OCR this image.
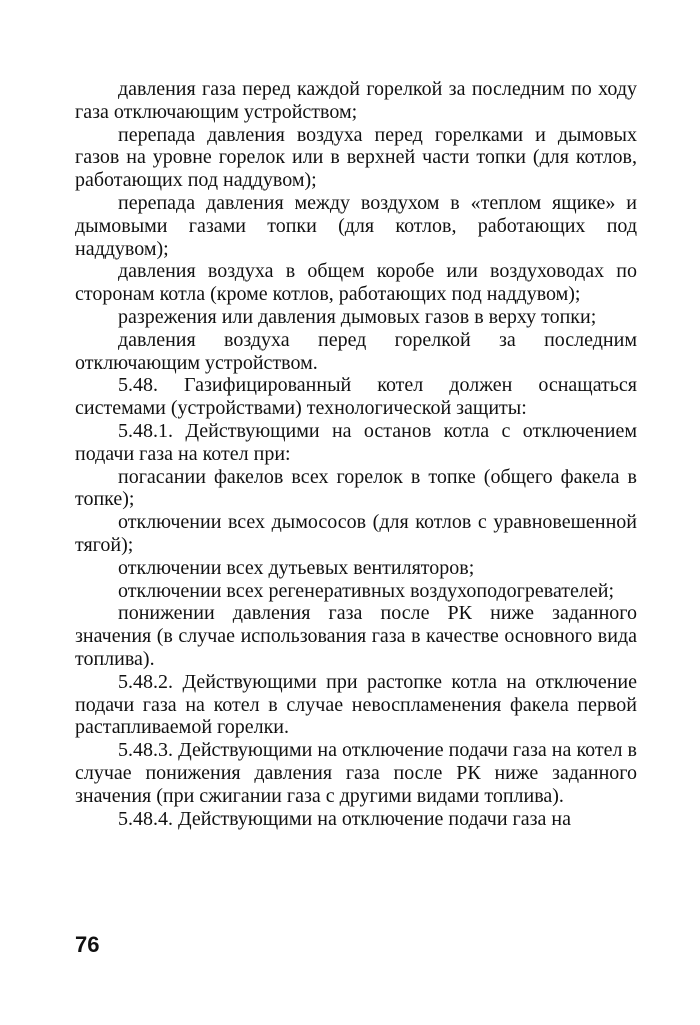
давления газа перед каждой горелкой за последним по ходу газа отключающим устройством;

перепада давления воздуха перед горелками и дымовых газов на уровне горелок или в верхней части топки (для котлов, работающих под наддувом);

перепада давления между воздухом в «теплом ящике» и дымовыми газами топки (для котлов, работающих под наддувом);

давления воздуха в общем коробе или воздуховодах по сторонам котла (кроме котлов, работающих под наддувом);

разрежения или давления дымовых газов в верху топки;

давления воздуха перед горелкой за последним отключающим устройством.

5.48. Газифицированный котел должен оснащаться системами (устройствами) технологической защиты:

5.48.1. Действующими на останов котла с отключением подачи газа на котел при:

погасании факелов всех горелок в топке (общего факела в топке);

отключении всех дымососов (для котлов с уравновешенной тягой);

отключении всех дутьевых вентиляторов;

отключении всех регенеративных воздухоподогревателей;

понижении давления газа после РК ниже заданного значения (в случае использования газа в качестве основного вида топлива).

5.48.2. Действующими при растопке котла на отключение подачи газа на котел в случае невоспламенения факела первой растапливаемой горелки.

5.48.3. Действующими на отключение подачи газа на котел в случае понижения давления газа после РК ниже заданного значения (при сжигании газа с другими видами топлива).

5.48.4. Действующими на отключение подачи газа на

76
